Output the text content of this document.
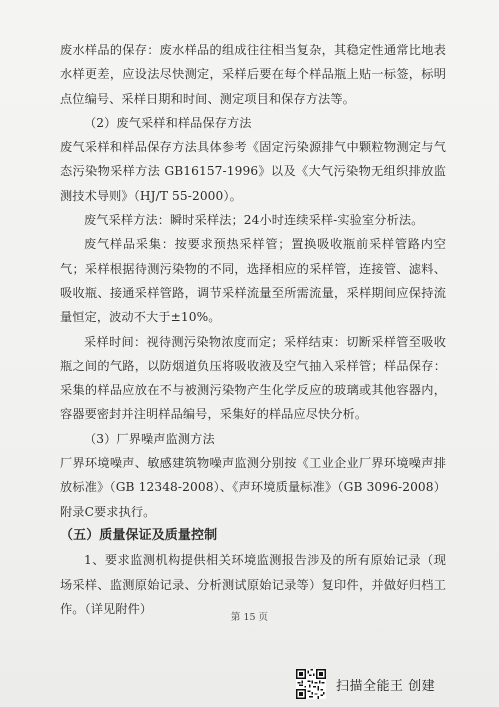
废水样品的保存：废水样品的组成往往相当复杂，其稳定性通常比地表水样更差，应设法尽快测定，采样后要在每个样品瓶上贴一标签，标明点位编号、采样日期和时间、测定项目和保存方法等。

（2）废气采样和样品保存方法

废气采样和样品保存方法具体参考《固定污染源排气中颗粒物测定与气态污染物采样方法 GB16157-1996》以及《大气污染物无组织排放监测技术导则》（HJ/T 55-2000）。

废气采样方法：瞬时采样法；24小时连续采样-实验室分析法。

废气样品采集：按要求预热采样管；置换吸收瓶前采样管路内空气；采样根据待测污染物的不同，选择相应的采样管，连接管、滤料、吸收瓶、接通采样管路，调节采样流量至所需流量，采样期间应保持流量恒定，波动不大于±10%。

采样时间：视待测污染物浓度而定；采样结束：切断采样管至吸收瓶之间的气路，以防烟道负压将吸收液及空气抽入采样管；样品保存：采集的样品应放在不与被测污染物产生化学反应的玻璃或其他容器内，容器要密封并注明样品编号，采集好的样品应尽快分析。

（3）厂界噪声监测方法

厂界环境噪声、敏感建筑物噪声监测分别按《工业企业厂界环境噪声排放标准》（GB 12348-2008）、《声环境质量标准》（GB 3096-2008）附录C要求执行。

（五）质量保证及质量控制

1、要求监测机构提供相关环境监测报告涉及的所有原始记录（现场采样、监测原始记录、分析测试原始记录等）复印件，并做好归档工作。（详见附件）

第 15 页
扫描全能王 创建
